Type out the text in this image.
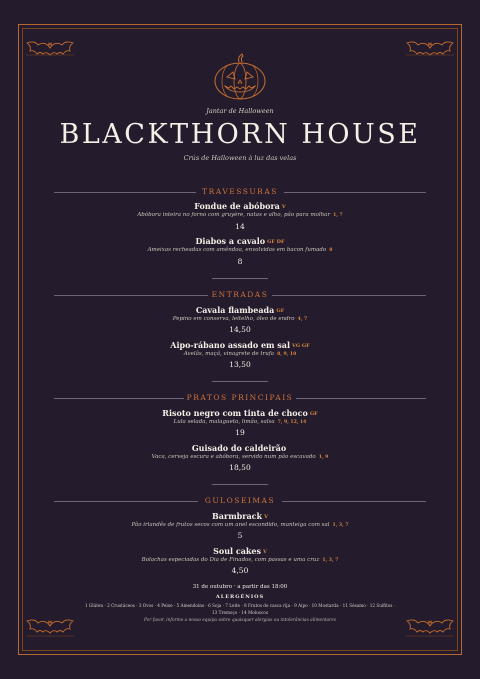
Jantar de Halloween
BLACKTHORN HOUSE
Crús de Halloween à luz das velas
TRAVESSURAS
Fondue de abóbora V
Abóbora inteira no forno com gruyère, natas e alho, pão para molhar 1, 7
14
Diabos a cavalo GF DF
Ameixas recheadas com amêndoa, envolvidas em bacon fumado 8
8
ENTRADAS
Cavala flambeada GF
Pepino em conserva, leitelho, óleo de endro 4, 7
14,50
Aipo-rábano assado em sal VG GF
Avelãs, maçã, vinagrete de trufa 8, 9, 10
13,50
PRATOS PRINCIPAIS
Risoto negro com tinta de choco GF
Lula selada, malagueta, limão, salsa 7, 9, 12, 14
19
Guisado do caldeirão
Vaca, cerveja escura e abóbora, servido num pão escavado 1, 9
18,50
GULOSEIMAS
Barmbrack V
Pão irlandês de frutos secos com um anel escondido, manteiga com sal 1, 3, 7
5
Soul cakes V
Bolachas especiadas do Dia de Finados, com passas e uma cruz 1, 3, 7
4,50
31 de outubro · a partir das 18:00
ALERGÉNIOS
1 Glúten · 2 Crustáceos · 3 Ovos · 4 Peixe · 5 Amendoins · 6 Soja · 7 Leite · 8 Frutos de casca rija · 9 Aipo · 10 Mostarda · 11 Sésamo · 12 Sulfitos ·
13 Tremoço · 14 Moluscos
Por favor, informe a nossa equipa sobre quaisquer alergias ou intolerâncias alimentares
